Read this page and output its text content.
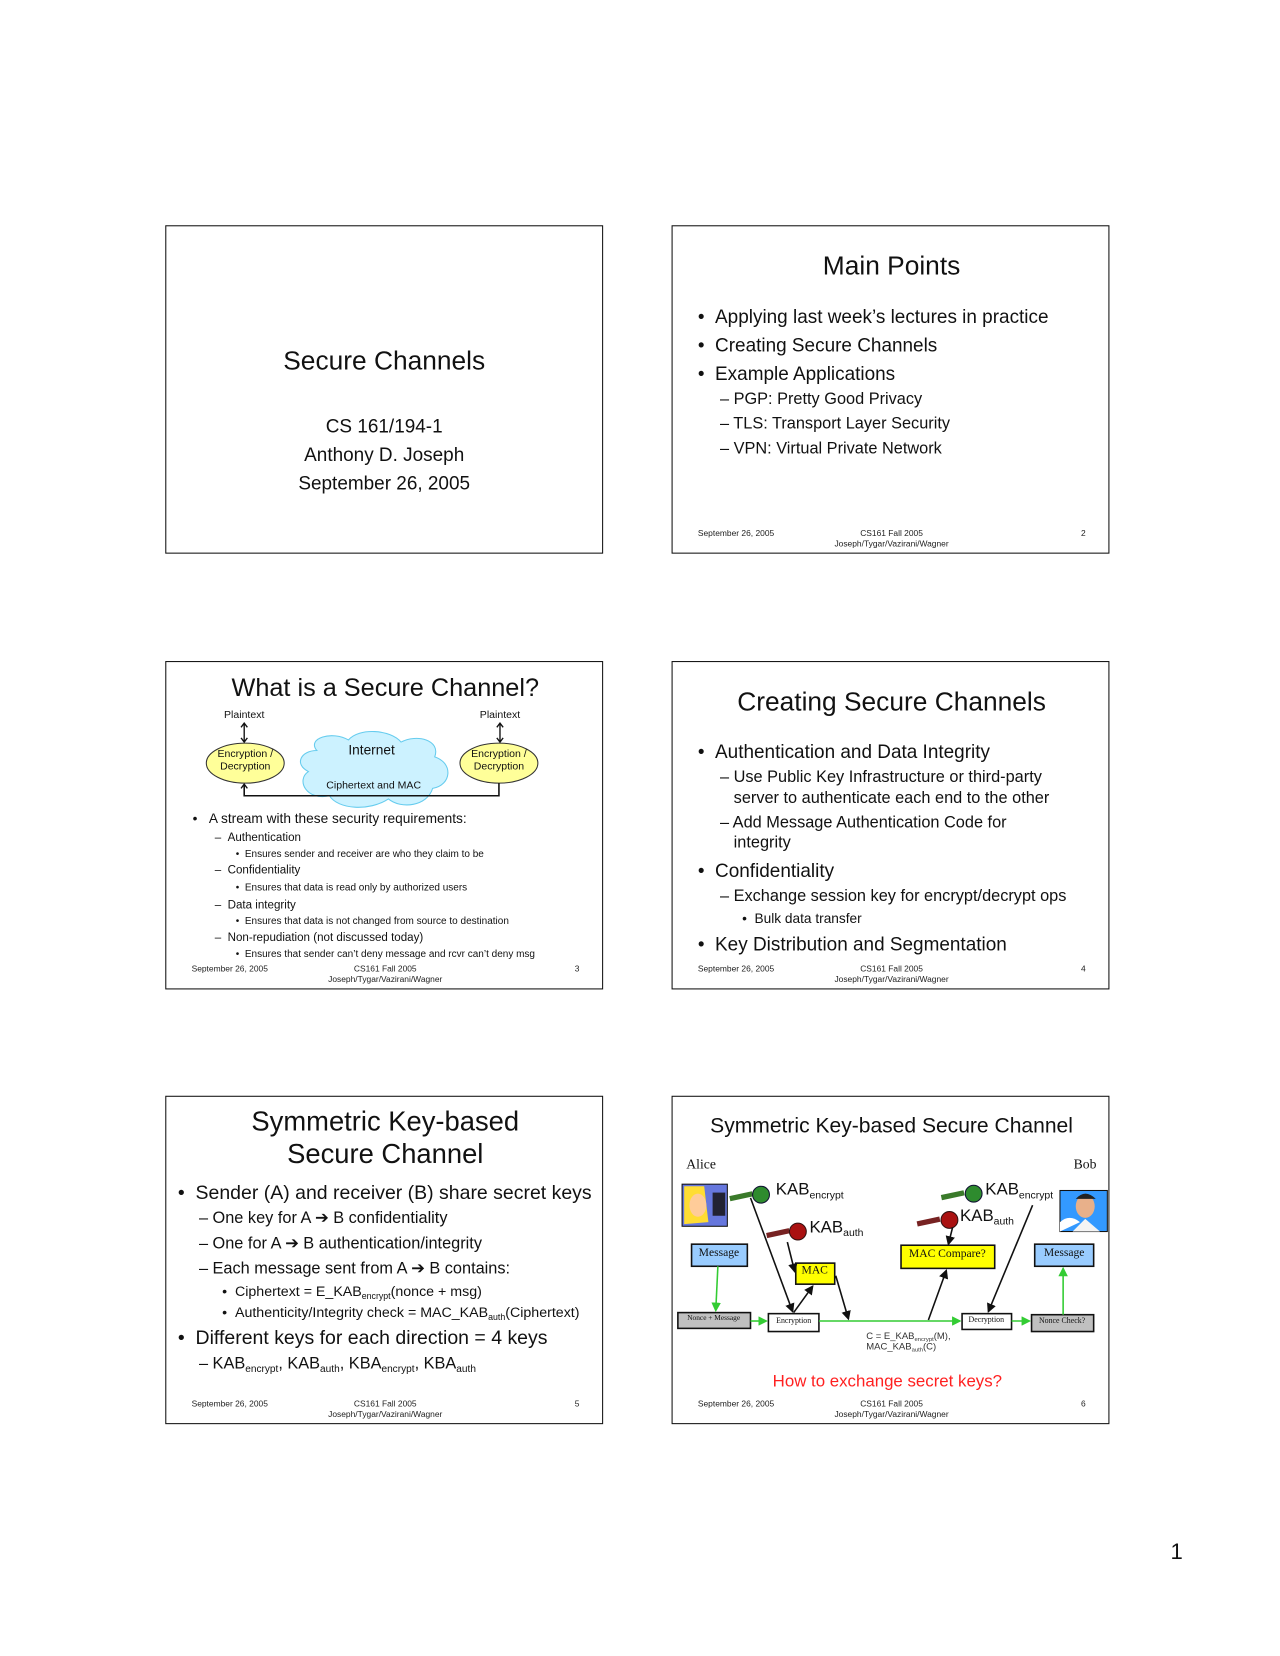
Secure Channels
CS 161/194-1
Anthony D. Joseph
September 26, 2005
Main Points
•  Applying last week’s lectures in practice
•  Creating Secure Channels
•  Example Applications
– PGP: Pretty Good Privacy
– TLS: Transport Layer Security
– VPN: Virtual Private Network
September 26, 2005	CS161 Fall 2005
Joseph/Tygar/Vazirani/Wagner
2
What is a Secure Channel?
Plaintext	Plaintext
Encryption /
Decryption
Encryption /
Decryption
Internet
Ciphertext and MAC
•   A stream with these security requirements:
–  Authentication
•  Ensures sender and receiver are who they claim to be
–  Confidentiality
•  Ensures that data is read only by authorized users
–  Data integrity
•  Ensures that data is not changed from source to destination
–  Non-repudiation (not discussed today)
•  Ensures that sender can’t deny message and rcvr can’t deny msg
September 26, 2005	CS161 Fall 2005
Joseph/Tygar/Vazirani/Wagner
3
Creating Secure Channels
•  Authentication and Data Integrity
– Use Public Key Infrastructure or third-party
server to authenticate each end to the other
– Add Message Authentication Code for
integrity
•  Confidentiality
– Exchange session key for encrypt/decrypt ops
•  Bulk data transfer
•  Key Distribution and Segmentation
September 26, 2005	CS161 Fall 2005
Joseph/Tygar/Vazirani/Wagner
4
Symmetric Key-based
Secure Channel
•  Sender (A) and receiver (B) share secret keys
– One key for A ➔ B confidentiality
– One for A ➔ B authentication/integrity
– Each message sent from A ➔ B contains:
•  Ciphertext = $E\_KAB_{encrypt}(nonce + msg)$
•  Authenticity/Integrity check = $MAC\_KAB_{auth}(Ciphertext)$
•  Different keys for each direction = 4 keys
– $KAB_{encrypt}$, $KAB_{auth}$, $KBA_{encrypt}$, $KBA_{auth}$
September 26, 2005	CS161 Fall 2005
Joseph/Tygar/Vazirani/Wagner
5
Symmetric Key-based Secure Channel
Alice	Bob
$KAB_{encrypt}$
$KAB_{auth}$
$KAB_{encrypt}$
$KAB_{auth}$
Message
MAC
MAC Compare?	Message
Nonce + Message	Encryption	Decryption	Nonce Check?
$C = E\_KAB_{encrypt}(M)$,
$MAC\_KAB_{auth}(C)$
How to exchange secret keys?
September 26, 2005	CS161 Fall 2005
Joseph/Tygar/Vazirani/Wagner
6
1
